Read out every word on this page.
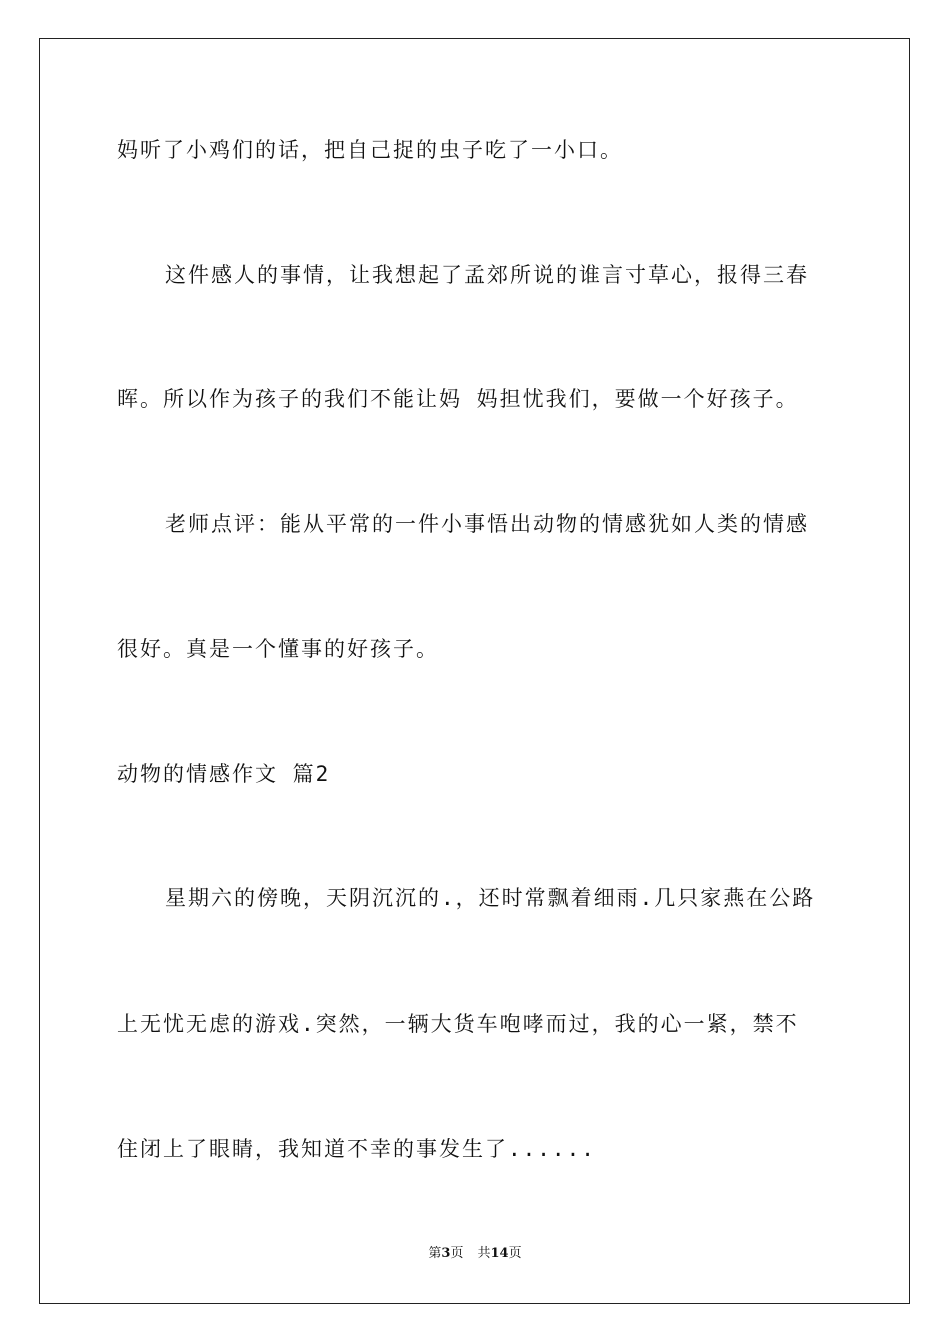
妈听了小鸡们的话，把自己捉的虫子吃了一小口。
这件感人的事情，让我想起了孟郊所说的谁言寸草心，报得三春
晖。所以作为孩子的我们不能让妈 妈担忧我们，要做一个好孩子。
老师点评：能从平常的一件小事悟出动物的情感犹如人类的情感
很好。真是一个懂事的好孩子。
动物的情感作文 篇2
星期六的傍晚，天阴沉沉的.，还时常飘着细雨.几只家燕在公路
上无忧无虑的游戏.突然，一辆大货车咆哮而过，我的心一紧，禁不
住闭上了眼睛，我知道不幸的事发生了......
第3页 共14页
